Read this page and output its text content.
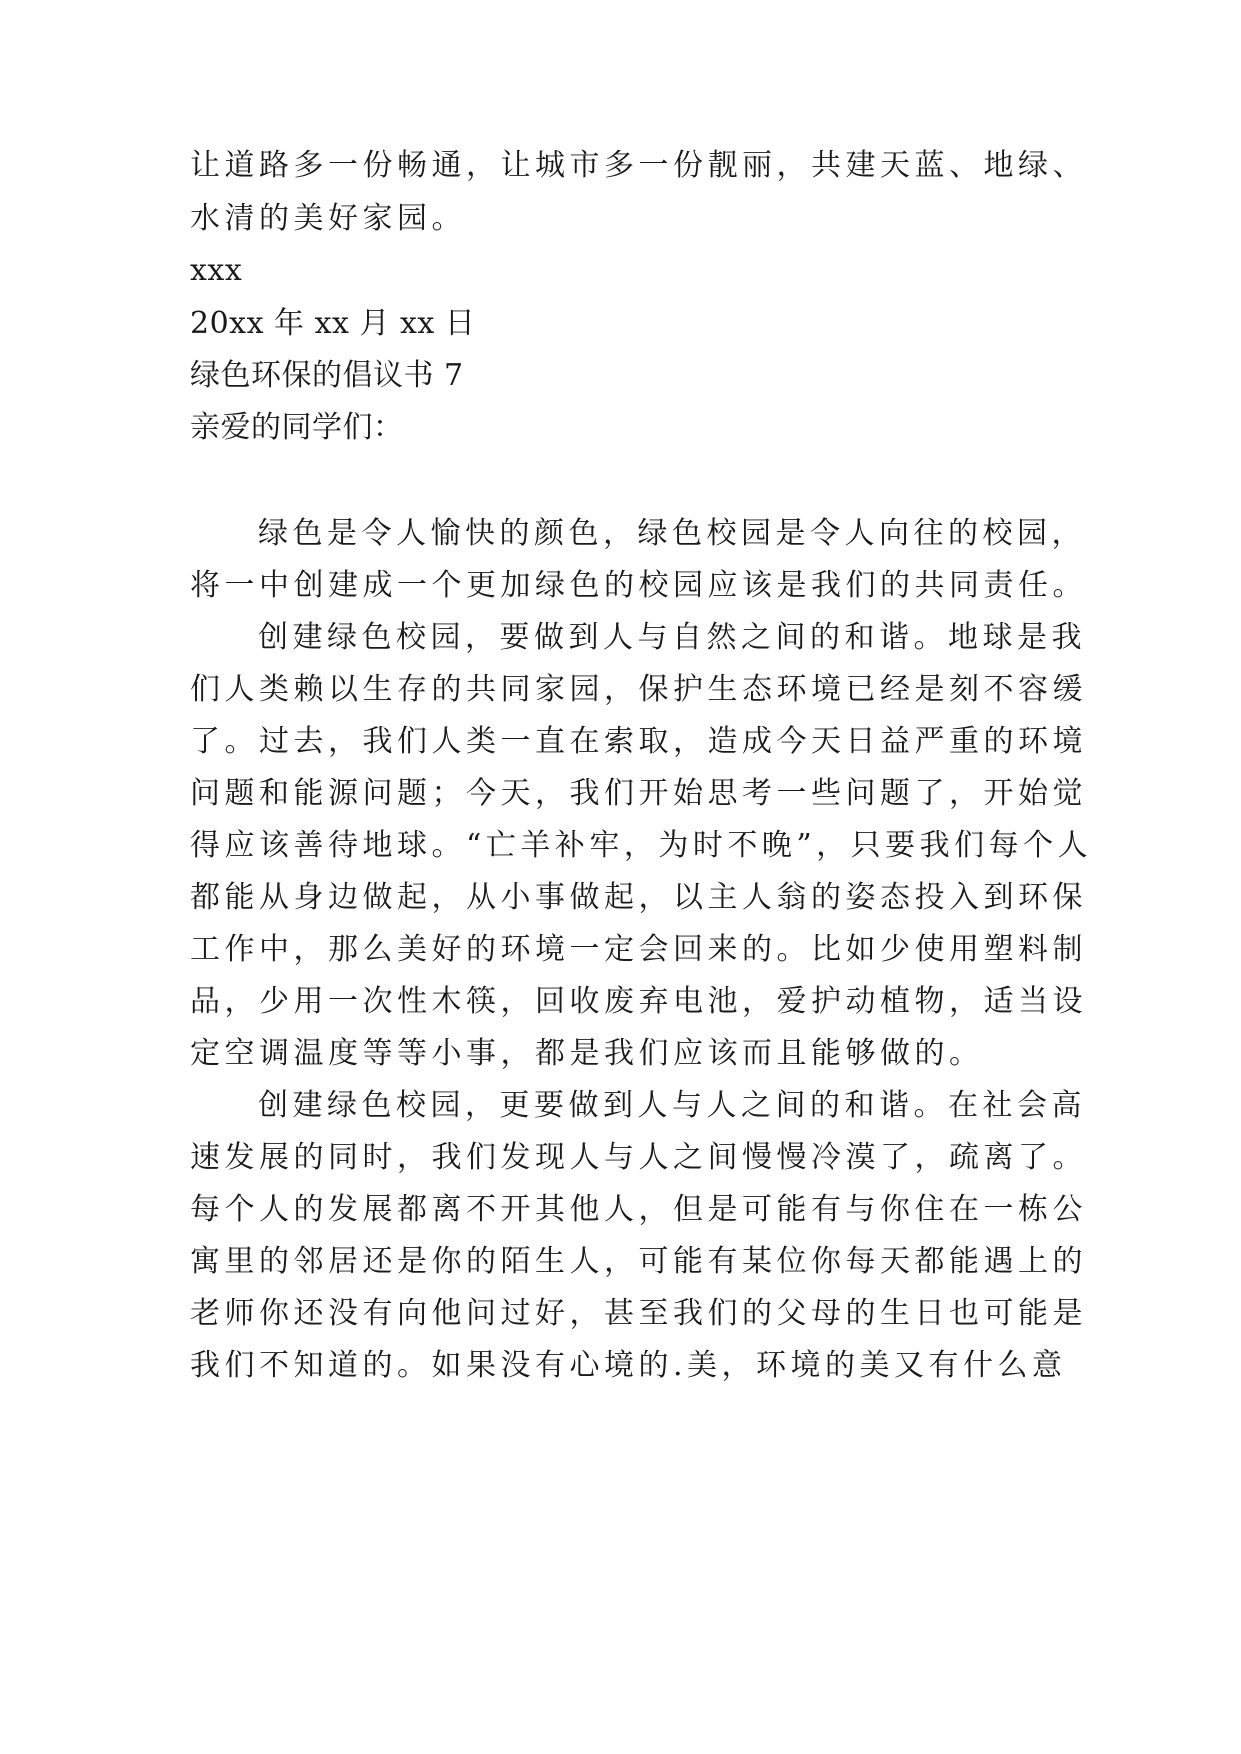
让道路多一份畅通，让城市多一份靓丽，共建天蓝、地绿、
水清的美好家园。
xxx
20xx 年 xx 月 xx 日
绿色环保的倡议书 7
亲爱的同学们：
绿色是令人愉快的颜色，绿色校园是令人向往的校园，
将一中创建成一个更加绿色的校园应该是我们的共同责任。
创建绿色校园，要做到人与自然之间的和谐。地球是我
们人类赖以生存的共同家园，保护生态环境已经是刻不容缓
了。过去，我们人类一直在索取，造成今天日益严重的环境
问题和能源问题；今天，我们开始思考一些问题了，开始觉
得应该善待地球。“亡羊补牢，为时不晚”，只要我们每个人
都能从身边做起，从小事做起，以主人翁的姿态投入到环保
工作中，那么美好的环境一定会回来的。比如少使用塑料制
品，少用一次性木筷，回收废弃电池，爱护动植物，适当设
定空调温度等等小事，都是我们应该而且能够做的。
创建绿色校园，更要做到人与人之间的和谐。在社会高
速发展的同时，我们发现人与人之间慢慢冷漠了，疏离了。
每个人的发展都离不开其他人，但是可能有与你住在一栋公
寓里的邻居还是你的陌生人，可能有某位你每天都能遇上的
老师你还没有向他问过好，甚至我们的父母的生日也可能是
我们不知道的。如果没有心境的.美，环境的美又有什么意
